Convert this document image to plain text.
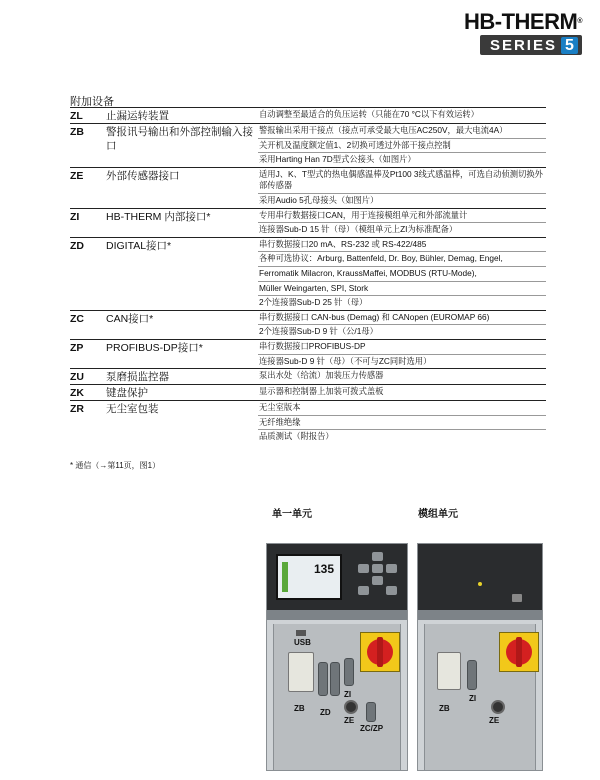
HB-THERM®
SERIES 5
附加设备
ZL	止漏运转装置	自动调整至最适合的负压运转（只能在70 °C以下有效运转）

ZB	警报讯号输出和外部控制输入接口	警报输出采用干接点（接点可承受最大电压AC250V，最大电流4A）
关开机及温度额定值1、2切换可透过外部干接点控制
采用Harting Han 7D型式公接头（如图片）

ZE	外部传感器接口	适用J、K、T型式的热电偶感温棒及Pt100 3线式感温棒，可选自动侦测切换外部传感器
采用Audio 5孔母接头（如图片）

ZI	HB-THERM 内部接口*	专用串行数据接口CAN，用于连接模组单元和外部流量计
连接器Sub-D 15 针（母）（模组单元上ZI为标准配备）

ZD	DIGITAL接口*	串行数据接口20 mA、RS-232 或 RS-422/485
各种可选协议：Arburg, Battenfeld, Dr. Boy, Bühler, Demag, Engel,
Ferromatik Milacron, KraussMaffei, MODBUS (RTU-Mode),
Müller Weingarten, SPI, Stork
2个连接器Sub-D 25 针（母）

ZC	CAN接口*	串行数据接口 CAN-bus (Demag) 和 CANopen (EUROMAP 66)
2个连接器Sub-D 9 针（公/1母）

ZP	PROFIBUS-DP接口*	串行数据接口PROFIBUS-DP
连接器Sub-D 9 针（母）（不可与ZC同时选用）

ZU	泵磨损监控器	泵出水处（给流）加装压力传感器

ZK	键盘保护	显示器和控制器上加装可拨式盖板

ZR	无尘室包装	无尘室版本
无纤维绝缘
品质测试（附报告）
* 通信（→第11页，图1）
单一单元	模组单元
135
USB
ZB ZD
ZI
ZE
ZC/ZP
ZB
ZI
ZE
